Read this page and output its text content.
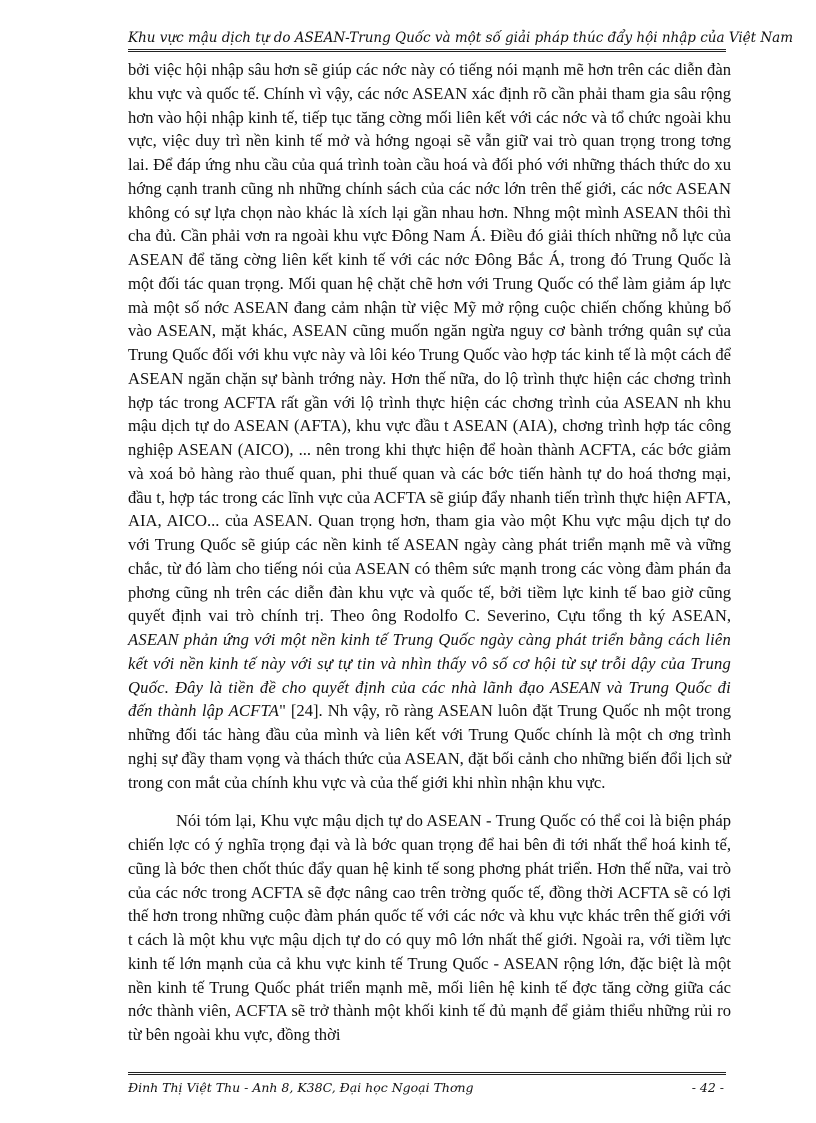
Khu vực mậu dịch tự do ASEAN-Trung Quốc và một số giải pháp thúc đẩy hội nhập của Việt Nam

bởi việc hội nhập sâu hơn sẽ giúp các nớc này có tiếng nói mạnh mẽ hơn trên các diễn đàn khu vực và quốc tế. Chính vì vậy, các nớc ASEAN xác định rõ cần phải tham gia sâu rộng hơn vào hội nhập kinh tế, tiếp tục tăng cờng mối liên kết với các nớc và tổ chức ngoài khu vực, việc duy trì nền kinh tế mở và hớng ngoại sẽ vẫn giữ vai trò quan trọng trong tơng lai. Để đáp ứng nhu cầu của quá trình toàn cầu hoá và đối phó với những thách thức do xu hớng cạnh tranh cũng nh những chính sách của các nớc lớn trên thế giới, các nớc ASEAN không có sự lựa chọn nào khác là xích lại gần nhau hơn. Nhng một mình ASEAN thôi thì cha đủ. Cần phải vơn ra ngoài khu vực Đông Nam Á. Điều đó giải thích những nỗ lực của ASEAN để tăng cờng liên kết kinh tế với các nớc Đông Bắc Á, trong đó Trung Quốc là một đối tác quan trọng. Mối quan hệ chặt chẽ hơn với Trung Quốc có thể làm giảm áp lực mà một số nớc ASEAN đang cảm nhận từ việc Mỹ mở rộng cuộc chiến chống khủng bố vào ASEAN, mặt khác, ASEAN cũng muốn ngăn ngừa nguy cơ bành trớng quân sự của Trung Quốc đối với khu vực này và lôi kéo Trung Quốc vào hợp tác kinh tế là một cách để ASEAN ngăn chặn sự bành trớng này. Hơn thế nữa, do lộ trình thực hiện các chơng trình hợp tác trong ACFTA rất gần với lộ trình thực hiện các chơng trình của ASEAN nh khu mậu dịch tự do ASEAN (AFTA), khu vực đầu t ASEAN (AIA), chơng trình hợp tác công nghiệp ASEAN (AICO), ... nên trong khi thực hiện để hoàn thành ACFTA, các bớc giảm và xoá bỏ hàng rào thuế quan, phi thuế quan và các bớc tiến hành tự do hoá thơng mại, đầu t, hợp tác trong các lĩnh vực của ACFTA sẽ giúp đẩy nhanh tiến trình thực hiện AFTA, AIA, AICO... của ASEAN. Quan trọng hơn, tham gia vào một Khu vực mậu dịch tự do với Trung Quốc sẽ giúp các nền kinh tế ASEAN ngày càng phát triển mạnh mẽ và vững chắc, từ đó làm cho tiếng nói của ASEAN có thêm sức mạnh trong các vòng đàm phán đa phơng cũng nh trên các diễn đàn khu vực và quốc tế, bởi tiềm lực kinh tế bao giờ cũng quyết định vai trò chính trị. Theo ông Rodolfo C. Severino, Cựu tổng th ký ASEAN, ASEAN phản ứng với một nền kinh tế Trung Quốc ngày càng phát triển bằng cách liên kết với nền kinh tế này với sự tự tin và nhìn thấy vô số cơ hội từ sự trỗi dậy của Trung Quốc. Đây là tiền đề cho quyết định của các nhà lãnh đạo ASEAN và Trung Quốc đi đến thành lập ACFTA" [24]. Nh vậy, rõ ràng ASEAN luôn đặt Trung Quốc nh một trong những đối tác hàng đầu của mình và liên kết với Trung Quốc chính là một ch ơng trình nghị sự đầy tham vọng và thách thức của ASEAN, đặt bối cảnh cho những biến đổi lịch sử trong con mắt của chính khu vực và của thế giới khi nhìn nhận khu vực.

Nói tóm lại, Khu vực mậu dịch tự do ASEAN - Trung Quốc có thể coi là biện pháp chiến lợc có ý nghĩa trọng đại và là bớc quan trọng để hai bên đi tới nhất thể hoá kinh tế, cũng là bớc then chốt thúc đẩy quan hệ kinh tế song phơng phát triển. Hơn thế nữa, vai trò của các nớc trong ACFTA sẽ đợc nâng cao trên trờng quốc tế, đồng thời ACFTA sẽ có lợi thế hơn trong những cuộc đàm phán quốc tế với các nớc và khu vực khác trên thế giới với t cách là một khu vực mậu dịch tự do có quy mô lớn nhất thế giới. Ngoài ra, với tiềm lực kinh tế lớn mạnh của cả khu vực kinh tế Trung Quốc - ASEAN rộng lớn, đặc biệt là một nền kinh tế Trung Quốc phát triển mạnh mẽ, mối liên hệ kinh tế đợc tăng cờng giữa các nớc thành viên, ACFTA sẽ trở thành một khối kinh tế đủ mạnh để giảm thiểu những rủi ro từ bên ngoài khu vực, đồng thời

Đinh Thị Việt Thu - Anh 8, K38C, Đại học Ngoại Thơng	- 42 -
